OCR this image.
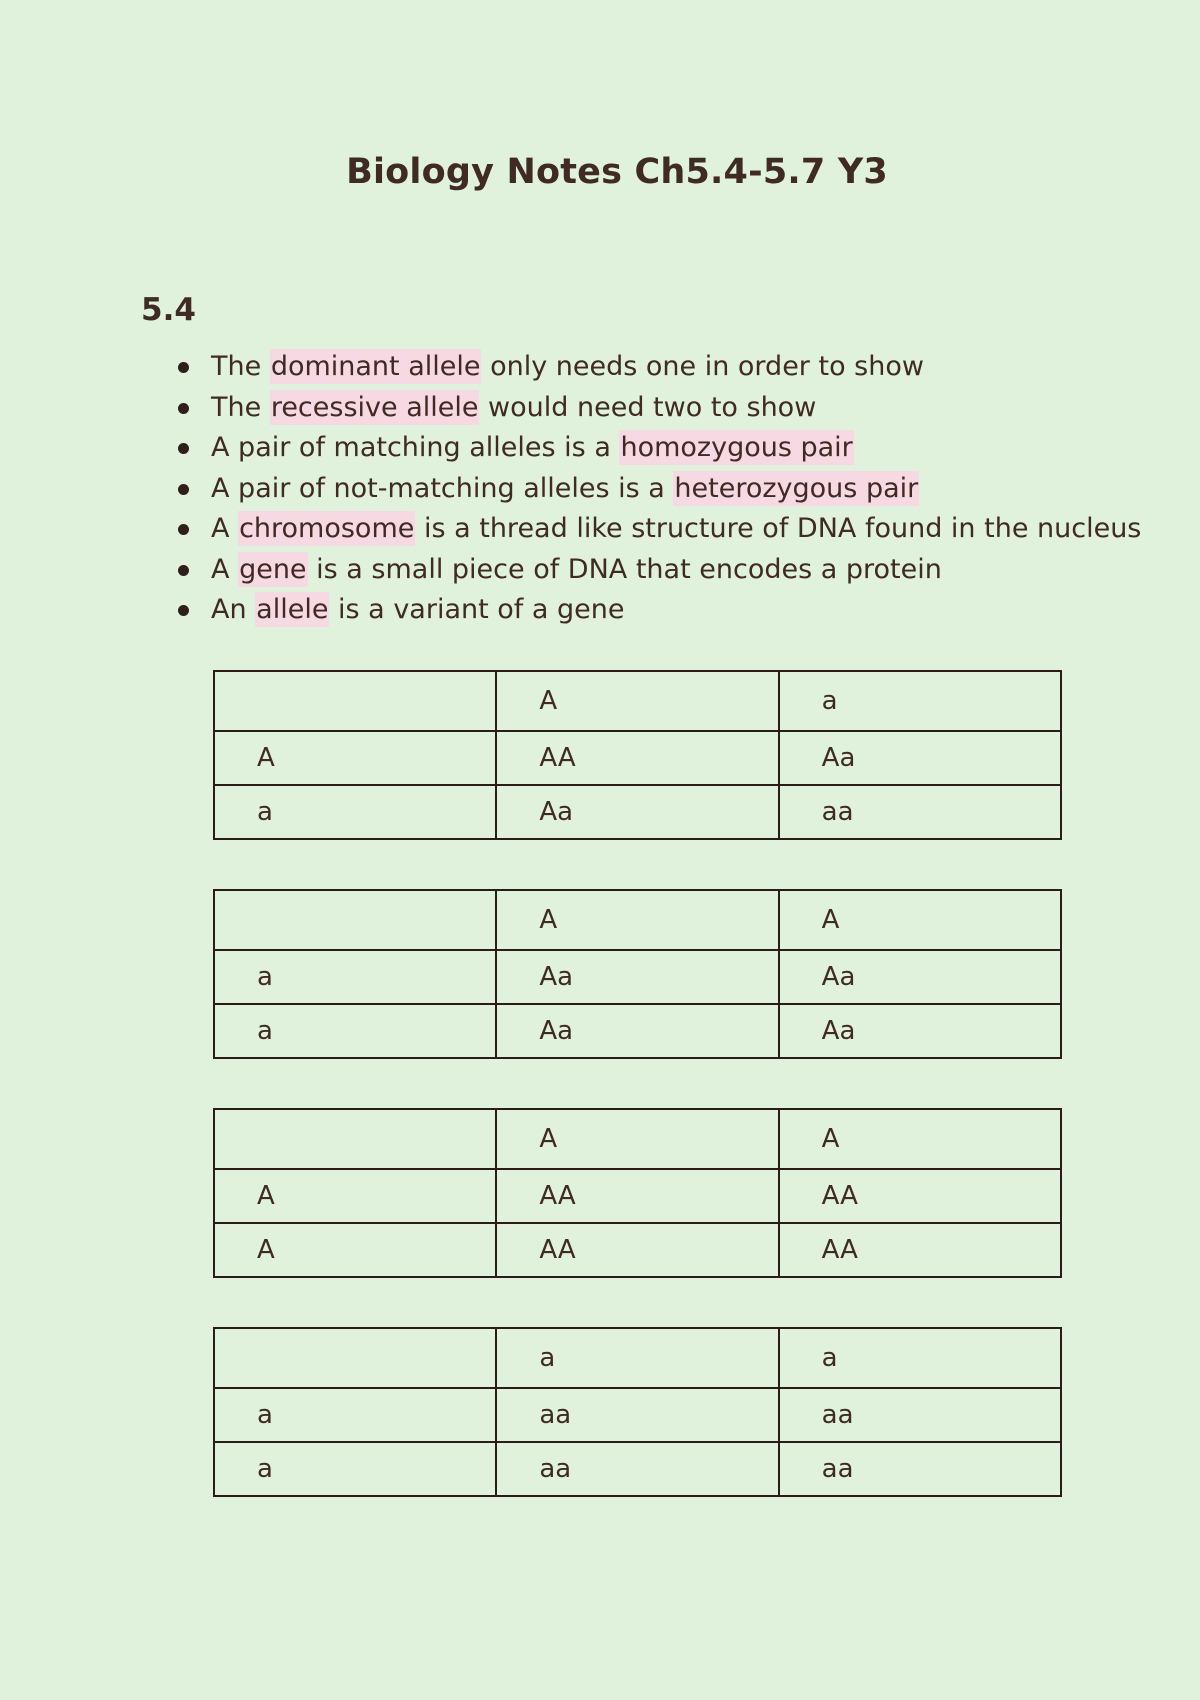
Biology Notes Ch5.4-5.7 Y3
5.4
The dominant allele only needs one in order to show
The recessive allele would need two to show
A pair of matching alleles is a homozygous pair
A pair of not-matching alleles is a heterozygous pair
A chromosome is a thread like structure of DNA found in the nucleus
A gene is a small piece of DNA that encodes a protein
An allele is a variant of a gene
	A	a
A	AA	Aa
a	Aa	aa
	A	A
a	Aa	Aa
a	Aa	Aa
	A	A
A	AA	AA
A	AA	AA
	a	a
a	aa	aa
a	aa	aa
